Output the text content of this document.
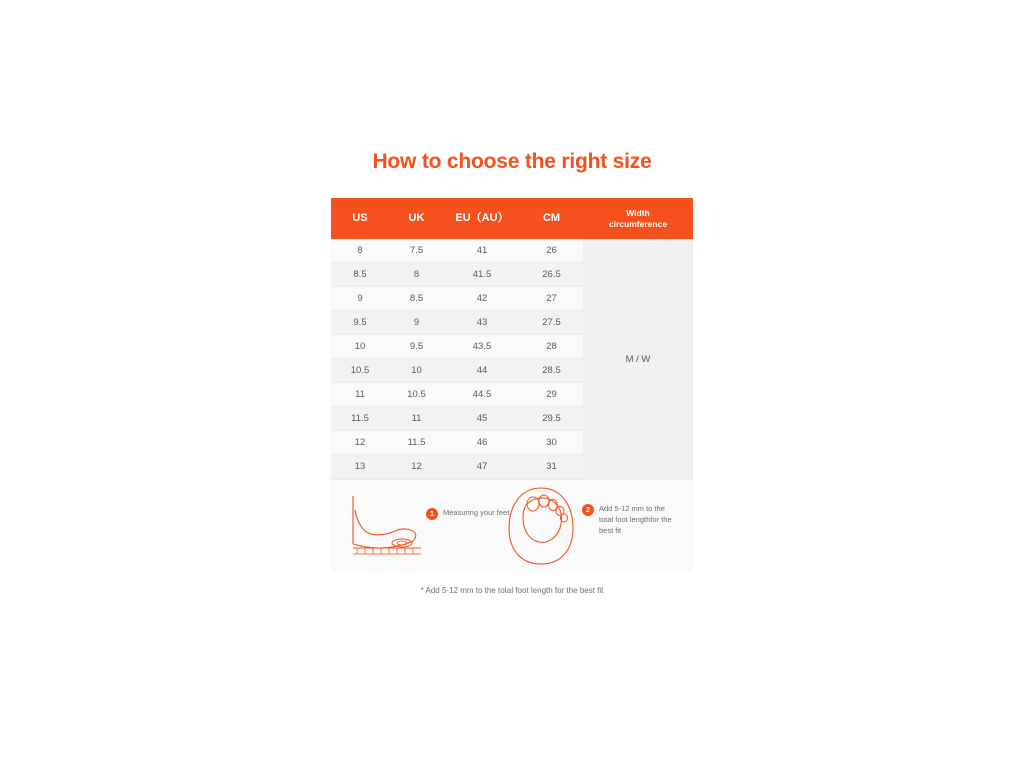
How to choose the right size
US	UK	EU（AU）	CM	Width
circumference

8	7.5	41	26	M / W
8.5	8	41.5	26.5	
9	8.5	42	27	
9.5	9	43	27.5	
10	9.5	43.5	28	
10.5	10	44	28.5	
11	10.5	44.5	29	
11.5	11	45	29.5	
12	11.5	46	30	
13	12	47	31	
1	Measuring your feet	2	Add 5-12 mm to the total foot lengthfor the best fit
* Add 5-12 mm to the total foot length for the best fit
